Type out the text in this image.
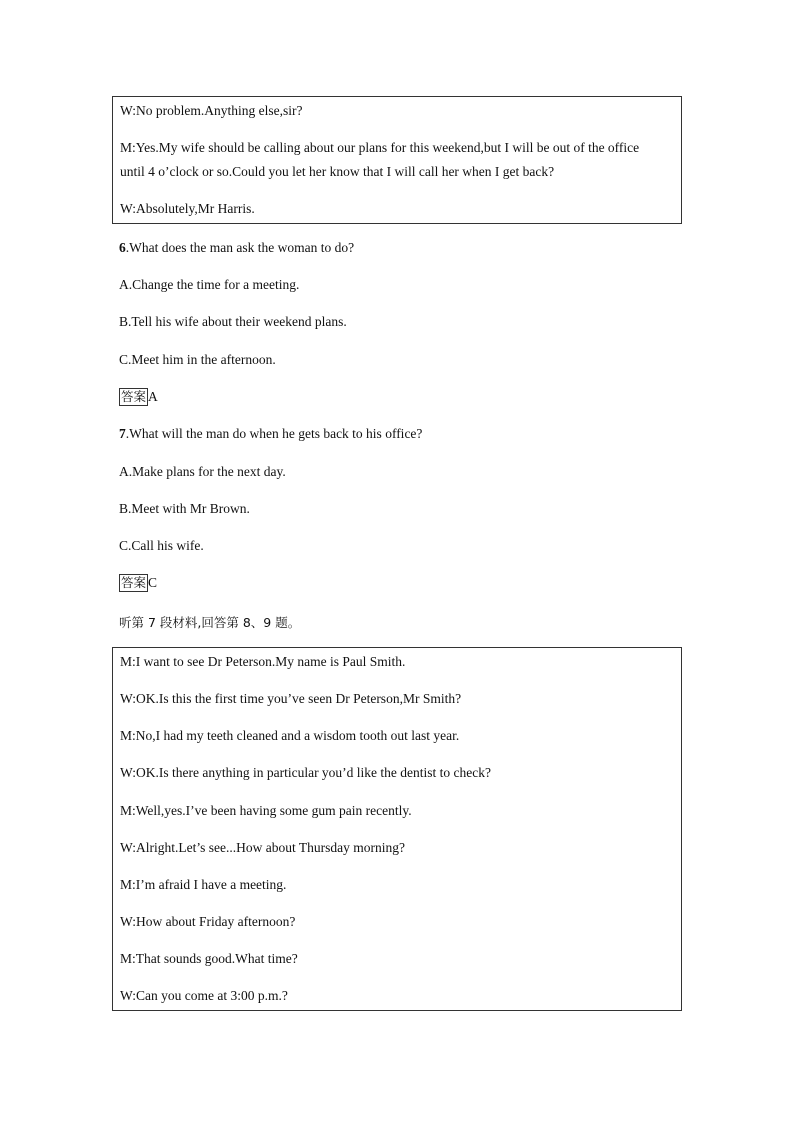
W:No problem.Anything else,sir?
M:Yes.My wife should be calling about our plans for this weekend,but I will be out of the office
until 4 o’clock or so.Could you let her know that I will call her when I get back?
W:Absolutely,Mr Harris.
6.What does the man ask the woman to do?
A.Change the time for a meeting.
B.Tell his wife about their weekend plans.
C.Meet him in the afternoon.
答案 A
7.What will the man do when he gets back to his office?
A.Make plans for the next day.
B.Meet with Mr Brown.
C.Call his wife.
答案 C
听第 7 段材料,回答第 8、9 题。
M:I want to see Dr Peterson.My name is Paul Smith.
W:OK.Is this the first time you’ve seen Dr Peterson,Mr Smith?
M:No,I had my teeth cleaned and a wisdom tooth out last year.
W:OK.Is there anything in particular you’d like the dentist to check?
M:Well,yes.I’ve been having some gum pain recently.
W:Alright.Let’s see...How about Thursday morning?
M:I’m afraid I have a meeting.
W:How about Friday afternoon?
M:That sounds good.What time?
W:Can you come at 3:00 p.m.?
